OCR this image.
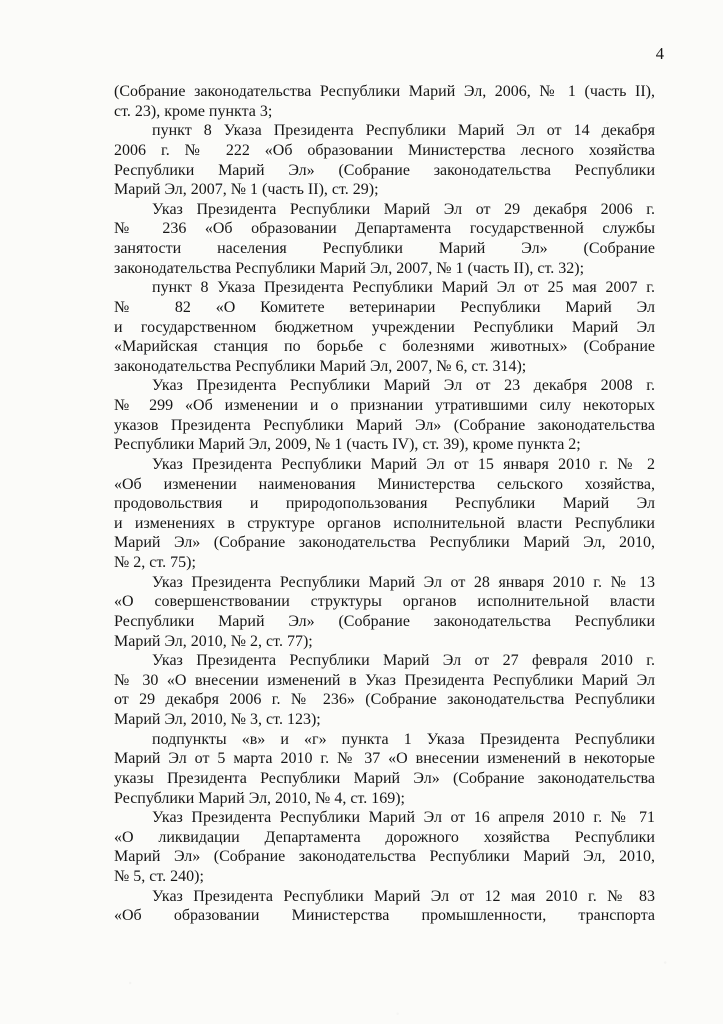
4
(Собрание законодательства Республики Марий Эл, 2006, № 1 (часть II),
ст. 23), кроме пункта 3;
пункт 8 Указа Президента Республики Марий Эл от 14 декабря
2006 г. № 222 «Об образовании Министерства лесного хозяйства
Республики Марий Эл» (Собрание законодательства Республики
Марий Эл, 2007, № 1 (часть II), ст. 29);
Указ Президента Республики Марий Эл от 29 декабря 2006 г.
№ 236 «Об образовании Департамента государственной службы
занятости населения Республики Марий Эл» (Собрание
законодательства Республики Марий Эл, 2007, № 1 (часть II), ст. 32);
пункт 8 Указа Президента Республики Марий Эл от 25 мая 2007 г.
№ 82 «О Комитете ветеринарии Республики Марий Эл
и государственном бюджетном учреждении Республики Марий Эл
«Марийская станция по борьбе с болезнями животных» (Собрание
законодательства Республики Марий Эл, 2007, № 6, ст. 314);
Указ Президента Республики Марий Эл от 23 декабря 2008 г.
№ 299 «Об изменении и о признании утратившими силу некоторых
указов Президента Республики Марий Эл» (Собрание законодательства
Республики Марий Эл, 2009, № 1 (часть IV), ст. 39), кроме пункта 2;
Указ Президента Республики Марий Эл от 15 января 2010 г. № 2
«Об изменении наименования Министерства сельского хозяйства,
продовольствия и природопользования Республики Марий Эл
и изменениях в структуре органов исполнительной власти Республики
Марий Эл» (Собрание законодательства Республики Марий Эл, 2010,
№ 2, ст. 75);
Указ Президента Республики Марий Эл от 28 января 2010 г. № 13
«О совершенствовании структуры органов исполнительной власти
Республики Марий Эл» (Собрание законодательства Республики
Марий Эл, 2010, № 2, ст. 77);
Указ Президента Республики Марий Эл от 27 февраля 2010 г.
№ 30 «О внесении изменений в Указ Президента Республики Марий Эл
от 29 декабря 2006 г. № 236» (Собрание законодательства Республики
Марий Эл, 2010, № 3, ст. 123);
подпункты «в» и «г» пункта 1 Указа Президента Республики
Марий Эл от 5 марта 2010 г. № 37 «О внесении изменений в некоторые
указы Президента Республики Марий Эл» (Собрание законодательства
Республики Марий Эл, 2010, № 4, ст. 169);
Указ Президента Республики Марий Эл от 16 апреля 2010 г. № 71
«О ликвидации Департамента дорожного хозяйства Республики
Марий Эл» (Собрание законодательства Республики Марий Эл, 2010,
№ 5, ст. 240);
Указ Президента Республики Марий Эл от 12 мая 2010 г. № 83
«Об образовании Министерства промышленности, транспорта
